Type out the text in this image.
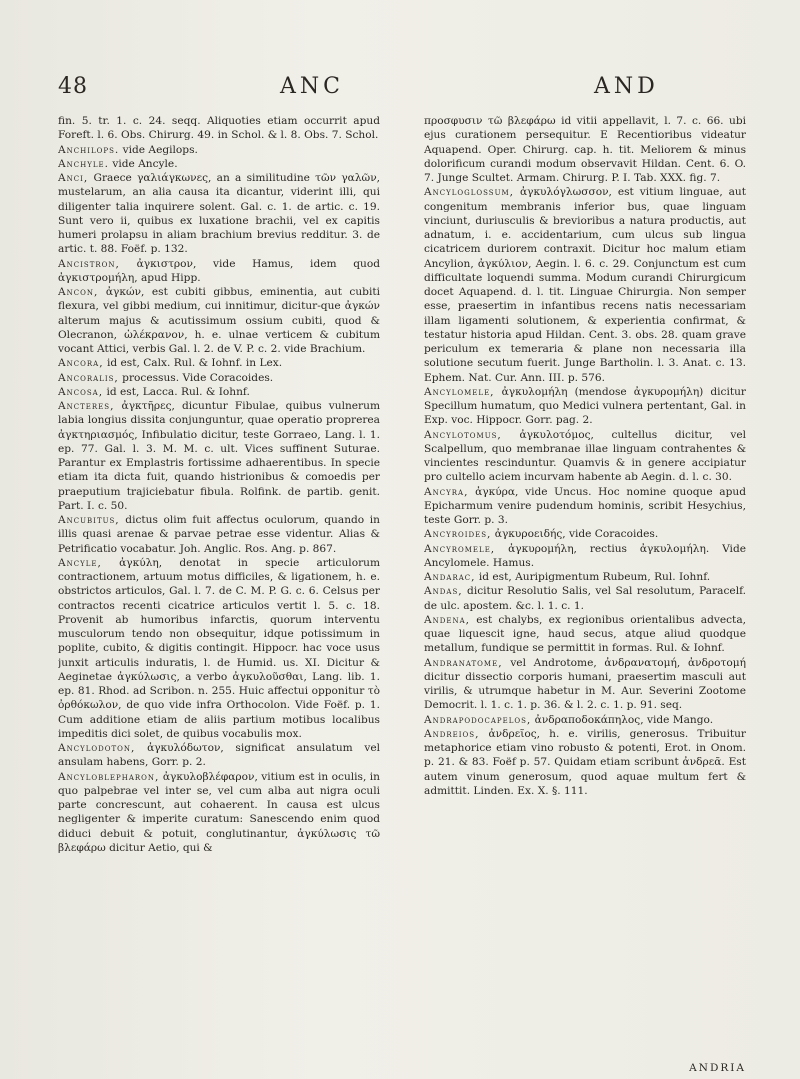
48	ANC	AND

fin. 5. tr. 1. c. 24. seqq. Aliquoties etiam occurrit apud Foreft. l. 6. Obs. Chirurg. 49. in Schol. & l. 8. Obs. 7. Schol.

Anchilops. vide Aegilops.

Anchyle. vide Ancyle.

Anci, Graece γαλιάγκωνες, an a similitudine τῶν γαλῶν, mustelarum, an alia causa ita dicantur, viderint illi, qui diligenter talia inquirere solent. Gal. c. 1. de artic. c. 19. Sunt vero ii, quibus ex luxatione brachii, vel ex capitis humeri prolapsu in aliam brachium brevius redditur. 3. de artic. t. 88. Foëf. p. 132.

Ancistron, ἀγκιστρον, vide Hamus, idem quod ἀγκιστρομήλη, apud Hipp.

Ancon, ἀγκών, est cubiti gibbus, eminentia, aut cubiti flexura, vel gibbi medium, cui innitimur, dicitur-que ἀγκών alterum majus & acutissimum ossium cubiti, quod & Olecranon, ὠλέκρανον, h. e. ulnae verticem & cubitum vocant Attici, verbis Gal. l. 2. de V. P. c. 2. vide Brachium.

Ancora, id est, Calx. Rul. & Iohnf. in Lex.

Ancoralis, processus. Vide Coracoides.

Ancosa, id est, Lacca. Rul. & Iohnf.

Ancteres, ἀγκτῆρες, dicuntur Fibulae, quibus vulnerum labia longius dissita conjunguntur, quae operatio proprerea ἀγκτηριασμός, Infibulatio dicitur, teste Gorraeo, Lang. l. 1. ep. 77. Gal. l. 3. M. M. c. ult. Vices suffinent Suturae. Parantur ex Emplastris fortissime adhaerentibus. In specie etiam ita dicta fuit, quando histrionibus & comoedis per praeputium trajiciebatur fibula. Rolfink. de partib. genit. Part. I. c. 50.

Ancubitus, dictus olim fuit affectus oculorum, quando in illis quasi arenae & parvae petrae esse videntur. Alias & Petrificatio vocabatur. Joh. Anglic. Ros. Ang. p. 867.

Ancyle, ἀγκύλη, denotat in specie articulorum contractionem, artuum motus difficiles, & ligationem, h. e. obstrictos articulos, Gal. l. 7. de C. M. P. G. c. 6. Celsus per contractos recenti cicatrice articulos vertit l. 5. c. 18. Provenit ab humoribus infarctis, quorum interventu musculorum tendo non obsequitur, idque potissimum in poplite, cubito, & digitis contingit. Hippocr. hac voce usus junxit articulis induratis, l. de Humid. us. XI. Dicitur & Aeginetae ἀγκύλωσις, a verbo ἀγκυλοῦσθαι, Lang. lib. 1. ep. 81. Rhod. ad Scribon. n. 255. Huic affectui opponitur τὸ ὀρθόκωλον, de quo vide infra Orthocolon. Vide Foëf. p. 1. Cum additione etiam de aliis partium motibus localibus impeditis dici solet, de quibus vocabulis mox.

Ancylodoton, ἀγκυλόδωτον, significat ansulatum vel ansulam habens, Gorr. p. 2.

Ancyloblepharon, ἀγκυλοβλέφαρον, vitium est in oculis, in quo palpebrae vel inter se, vel cum alba aut nigra oculi parte concrescunt, aut cohaerent. In causa est ulcus negligenter & imperite curatum: Sanescendo enim quod diduci debuit & potuit, conglutinantur, ἀγκύλωσις τῶ βλεφάρω dicitur Aetio, qui &

προσφυσιν τῶ βλεφάρω id vitii appellavit, l. 7. c. 66. ubi ejus curationem persequitur. E Recentioribus videatur Aquapend. Oper. Chirurg. cap. h. tit. Meliorem & minus dolorificum curandi modum observavit Hildan. Cent. 6. O. 7. Junge Scultet. Armam. Chirurg. P. I. Tab. XXX. fig. 7.

Ancyloglossum, ἀγκυλόγλωσσον, est vitium linguae, aut congenitum membranis inferior bus, quae linguam vinciunt, duriusculis & brevioribus a natura productis, aut adnatum, i. e. accidentarium, cum ulcus sub lingua cicatricem duriorem contraxit. Dicitur hoc malum etiam Ancylion, ἀγκύλιον, Aegin. l. 6. c. 29. Conjunctum est cum difficultate loquendi summa. Modum curandi Chirurgicum docet Aquapend. d. l. tit. Linguae Chirurgia. Non semper esse, praesertim in infantibus recens natis necessariam illam ligamenti solutionem, & experientia confirmat, & testatur historia apud Hildan. Cent. 3. obs. 28. quam grave periculum ex temeraria & plane non necessaria illa solutione secutum fuerit. Junge Bartholin. l. 3. Anat. c. 13. Ephem. Nat. Cur. Ann. III. p. 576.

Ancylomele, ἀγκυλομήλη (mendose ἀγκυρομήλη) dicitur Specillum humatum, quo Medici vulnera pertentant, Gal. in Exp. voc. Hippocr. Gorr. pag. 2.

Ancylotomus, ἀγκυλοτόμος, cultellus dicitur, vel Scalpellum, quo membranae illae linguam contrahentes & vincientes rescinduntur. Quamvis & in genere accipiatur pro cultello aciem incurvam habente ab Aegin. d. l. c. 30.

Ancyra, ἀγκύρα, vide Uncus. Hoc nomine quoque apud Epicharmum venire pudendum hominis, scribit Hesychius, teste Gorr. p. 3.

Ancyroides, ἀγκυροειδής, vide Coracoides.

Ancyromele, ἀγκυρομήλη, rectius ἀγκυλομήλη. Vide Ancylomele. Hamus.

Andarac, id est, Auripigmentum Rubeum, Rul. Iohnf.

Andas, dicitur Resolutio Salis, vel Sal resolutum, Paracelf. de ulc. apostem. &c. l. 1. c. 1.

Andena, est chalybs, ex regionibus orientalibus advecta, quae liquescit igne, haud secus, atque aliud quodque metallum, fundique se permittit in formas. Rul. & Iohnf.

Andranatome, vel Androtome, ἀνδρανατομή, ἀνδροτομή dicitur dissectio corporis humani, praesertim masculi aut virilis, & utrumque habetur in M. Aur. Severini Zootome Democrit. l. 1. c. 1. p. 36. & l. 2. c. 1. p. 91. seq.

Andrapodocapelos, ἀνδραποδοκάπηλος, vide Mango.

Andreios, ἀνδρεῖος, h. e. virilis, generosus. Tribuitur metaphorice etiam vino robusto & potenti, Erot. in Onom. p. 21. & 83. Foëf p. 57. Quidam etiam scribunt ἀνδρεᾶ. Est autem vinum generosum, quod aquae multum fert & admittit. Linden. Ex. X. §. 111.

ANDRIA
